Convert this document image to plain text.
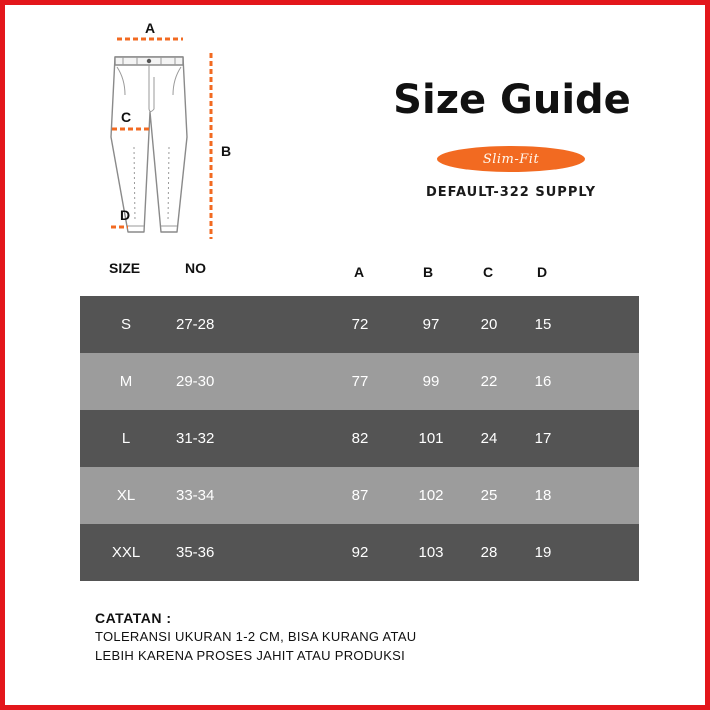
A
B
C
D
Size Guide
Slim-Fit
DEFAULT-322 SUPPLY
SIZE	NO	A	B	C	D
S	27-28	72	97	20	15
M	29-30	77	99	22	16
L	31-32	82	101	24	17
XL	33-34	87	102	25	18
XXL	35-36	92	103	28	19
CATATAN :
TOLERANSI UKURAN 1-2 CM, BISA KURANG ATAU
LEBIH KARENA PROSES JAHIT ATAU PRODUKSI
